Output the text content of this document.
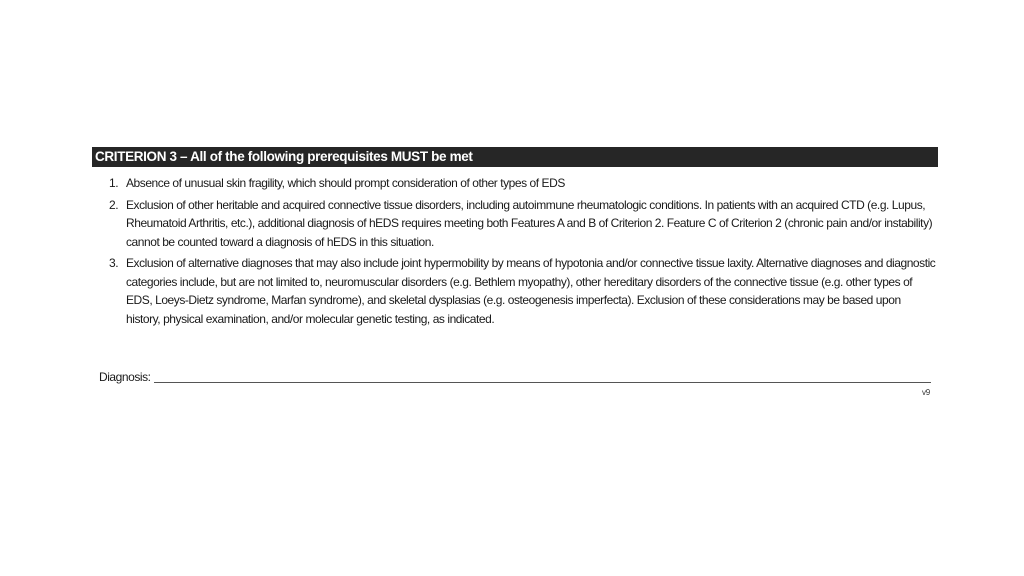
CRITERION 3 – All of the following prerequisites MUST be met
1. Absence of unusual skin fragility, which should prompt consideration of other types of EDS
2. Exclusion of other heritable and acquired connective tissue disorders, including autoimmune rheumatologic conditions. In patients with an acquired CTD (e.g. Lupus, Rheumatoid Arthritis, etc.), additional diagnosis of hEDS requires meeting both Features A and B of Criterion 2. Feature C of Criterion 2 (chronic pain and/or instability) cannot be counted toward a diagnosis of hEDS in this situation.
3. Exclusion of alternative diagnoses that may also include joint hypermobility by means of hypotonia and/or connective tissue laxity. Alternative diagnoses and diagnostic categories include, but are not limited to, neuromuscular disorders (e.g. Bethlem myopathy), other hereditary disorders of the connective tissue (e.g. other types of EDS, Loeys-Dietz syndrome, Marfan syndrome), and skeletal dysplasias (e.g. osteogenesis imperfecta). Exclusion of these considerations may be based upon history, physical examination, and/or molecular genetic testing, as indicated.
Diagnosis:
v9
